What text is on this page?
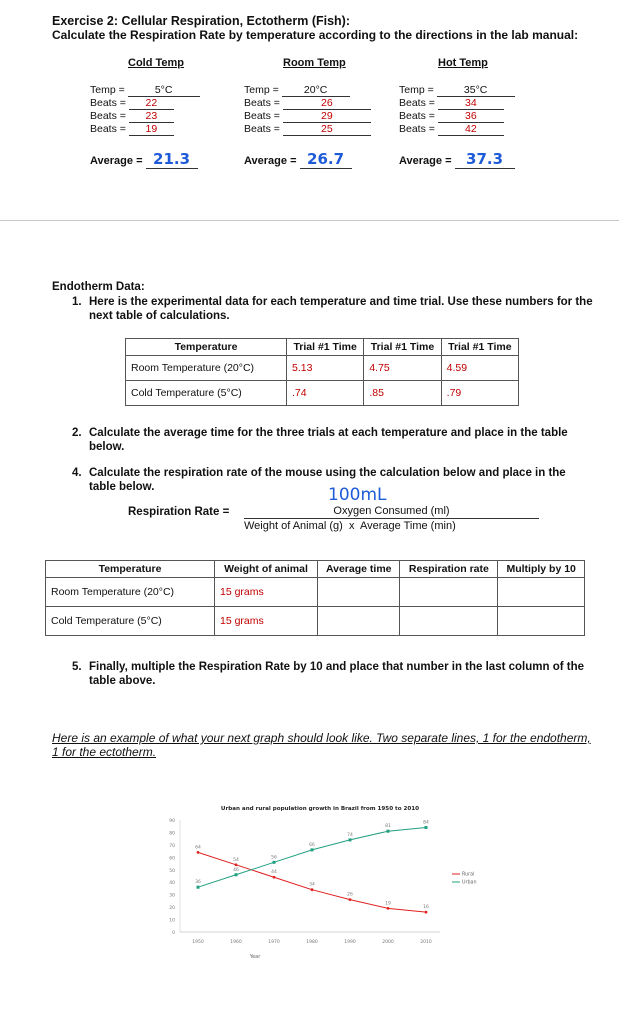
Exercise 2: Cellular Respiration, Ectotherm (Fish):
Calculate the Respiration Rate by temperature according to the directions in the lab manual:
Cold Temp
Temp =	5°C
Beats = 22
Beats = 23
Beats = 19
Average = 21.3
Room Temp
Temp = 20°C
Beats =	26
Beats =	29
Beats =	25
Average = 26.7
Hot Temp
Temp =	35°C
Beats =	34
Beats =	36
Beats =	42
Average = 37.3
Endotherm Data:
1. Here is the experimental data for each temperature and time trial. Use these numbers for the next table of calculations.
Temperature	Trial #1 Time	Trial #1 Time	Trial #1 Time
Room Temperature (20°C)	5.13	4.75	4.59
Cold Temperature (5°C)	.74	.85	.79
2. Calculate the average time for the three trials at each temperature and place in the table below.
4. Calculate the respiration rate of the mouse using the calculation below and place in the table below.
Respiration Rate =
100mL
Oxygen Consumed (ml)
Weight of Animal (g)  x  Average Time (min)
Temperature	Weight of animal	Average time	Respiration rate	Multiply by 10
Room Temperature (20°C)	15 grams			
Cold Temperature (5°C)	15 grams			
5. Finally, multiple the Respiration Rate by 10 and place that number in the last column of the table above.
Here is an example of what your next graph should look like. Two separate lines, 1 for the endotherm, 1 for the ectotherm.
Urban and rural population growth in Brazil from 1950 to 2010
0
10
20
30
40
50
60
70
80
90
1950	1960	1970	1980	1990	2000	2010
64
54
44
34
26
19
16
36
46
56
66
74
81
84
Rural
Urban
Year
